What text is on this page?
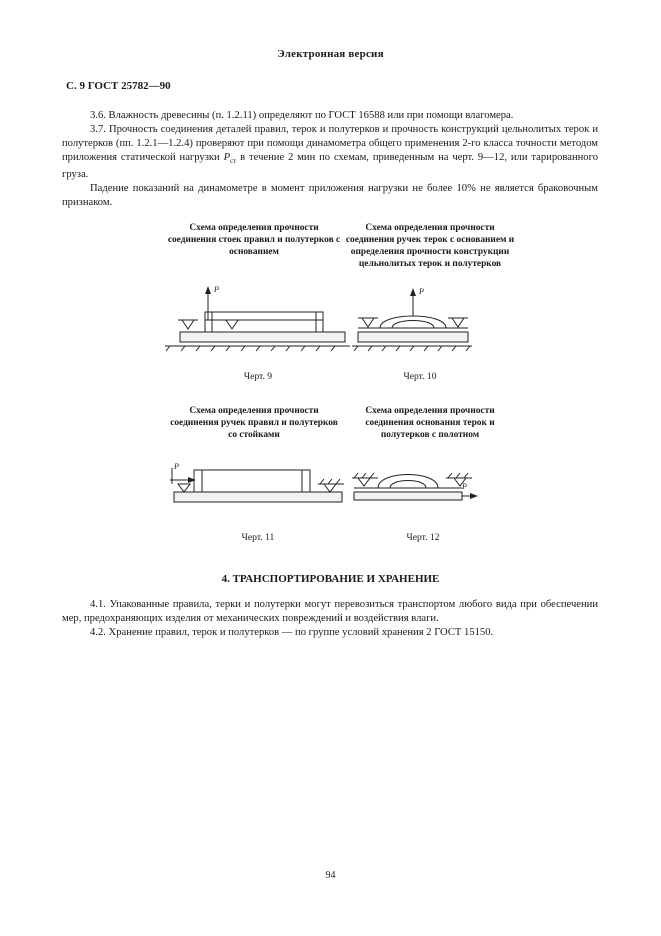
Электронная версия
С. 9 ГОСТ 25782—90

3.6. Влажность древесины (п. 1.2.11) определяют по ГОСТ 16588 или при помощи влагомера.

3.7. Прочность соединения деталей правил, терок и полутерков и прочность конструкций цельнолитых терок и полутерков (пп. 1.2.1—1.2.4) проверяют при помощи динамометра общего применения 2-го класса точности методом приложения статической нагрузки $P_{ст}$ в течение 2 мин по схемам, приведенным на черт. 9—12, или тарированного груза.

Падение показаний на динамометре в момент приложения нагрузки не более 10% не является браковочным признаком.

Схема определения прочности соединения стоек правил и полутерков с основанием
P
Черт. 9
Схема определения прочности соединения ручек терок с основанием и определения прочности конструкции цельнолитых терок и полутерков
P
Черт. 10
Схема определения прочности соединения ручек правил и полутерков со стойками
P
Черт. 11
Схема определения прочности соединения основания терок и полутерков с полотном
P
Черт. 12
4. ТРАНСПОРТИРОВАНИЕ И ХРАНЕНИЕ

4.1. Упакованные правила, терки и полутерки могут перевозиться транспортом любого вида при обеспечении мер, предохраняющих изделия от механических повреждений и воздействия влаги.

4.2. Хранение правил, терок и полутерков — по группе условий хранения 2 ГОСТ 15150.

94
